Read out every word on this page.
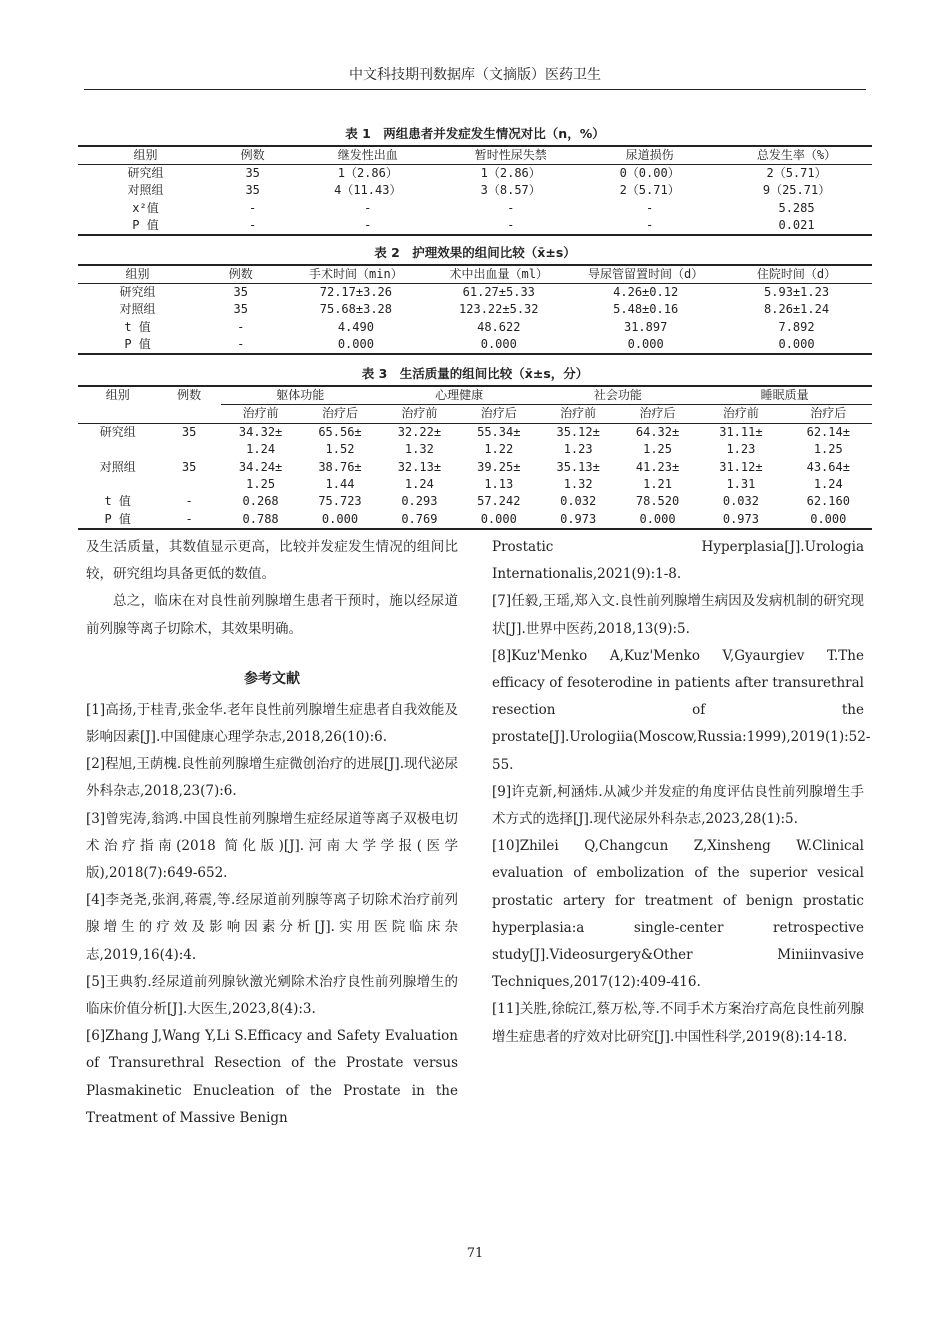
中文科技期刊数据库（文摘版）医药卫生
表 1　两组患者并发症发生情况对比（n，%）
组别	例数	继发性出血	暂时性尿失禁	尿道损伤	总发生率（%）
研究组	35	1（2.86）	1（2.86）	0（0.00）	2（5.71）
对照组	35	4（11.43）	3（8.57）	2（5.71）	9（25.71）
x²值	-	-	-	-	5.285
P 值	-	-	-	-	0.021
表 2　护理效果的组间比较（x̄±s）
组别	例数	手术时间（min）	术中出血量（ml）	导尿管留置时间（d）	住院时间（d）
研究组	35	72.17±3.26	61.27±5.33	4.26±0.12	5.93±1.23
对照组	35	75.68±3.28	123.22±5.32	5.48±0.16	8.26±1.24
t 值	-	4.490	48.622	31.897	7.892
P 值	-	0.000	0.000	0.000	0.000
表 3　生活质量的组间比较（x̄±s，分）
组别	例数	躯体功能		心理健康		社会功能		睡眠质量	
		治疗前	治疗后	治疗前	治疗后	治疗前	治疗后	治疗前	治疗后
研究组	35	34.32±	65.56±	32.22±	55.34±	35.12±	64.32±	31.11±	62.14±
		1.24	1.52	1.32	1.22	1.23	1.25	1.23	1.25
对照组	35	34.24±	38.76±	32.13±	39.25±	35.13±	41.23±	31.12±	43.64±
		1.25	1.44	1.24	1.13	1.32	1.21	1.31	1.24
t 值	-	0.268	75.723	0.293	57.242	0.032	78.520	0.032	62.160
P 值	-	0.788	0.000	0.769	0.000	0.973	0.000	0.973	0.000

及生活质量，其数值显示更高，比较并发症发生情况的组间比较，研究组均具备更低的数值。

总之，临床在对良性前列腺增生患者干预时，施以经尿道前列腺等离子切除术，其效果明确。

参考文献

[1]高扬,于桂青,张金华.老年良性前列腺增生症患者自我效能及影响因素[J].中国健康心理学杂志,2018,26(10):6.

[2]程旭,王荫槐.良性前列腺增生症微创治疗的进展[J].现代泌尿外科杂志,2018,23(7):6.

[3]曾宪涛,翁鸿.中国良性前列腺增生症经尿道等离子双极电切术治疗指南(2018 简化版)[J].河南大学学报(医学版),2018(7):649-652.

[4]李尧尧,张润,蒋震,等.经尿道前列腺等离子切除术治疗前列腺增生的疗效及影响因素分析[J].实用医院临床杂志,2019,16(4):4.

[5]王典豹.经尿道前列腺钬激光剜除术治疗良性前列腺增生的临床价值分析[J].大医生,2023,8(4):3.

[6]Zhang J,Wang Y,Li S.Efficacy and Safety Evaluation of Transurethral Resection of the Prostate versus Plasmakinetic Enucleation of the Prostate in the Treatment of Massive Benign

Prostatic Hyperplasia[J].Urologia Internationalis,2021(9):1-8.

[7]任毅,王瑶,郑入文.良性前列腺增生病因及发病机制的研究现状[J].世界中医药,2018,13(9):5.

[8]Kuz'Menko A,Kuz'Menko V,Gyaurgiev T.The efficacy of fesoterodine in patients after transurethral resection of the prostate[J].Urologiia(Moscow,Russia:1999),2019(1):52-55.

[9]许克新,柯涵炜.从减少并发症的角度评估良性前列腺增生手术方式的选择[J].现代泌尿外科杂志,2023,28(1):5.

[10]Zhilei Q,Changcun Z,Xinsheng W.Clinical evaluation of embolization of the superior vesical prostatic artery for treatment of benign prostatic hyperplasia:a single-center retrospective study[J].Videosurgery&Other Miniinvasive Techniques,2017(12):409-416.

[11]关胜,徐皖江,蔡万松,等.不同手术方案治疗高危良性前列腺增生症患者的疗效对比研究[J].中国性科学,2019(8):14-18.

71
